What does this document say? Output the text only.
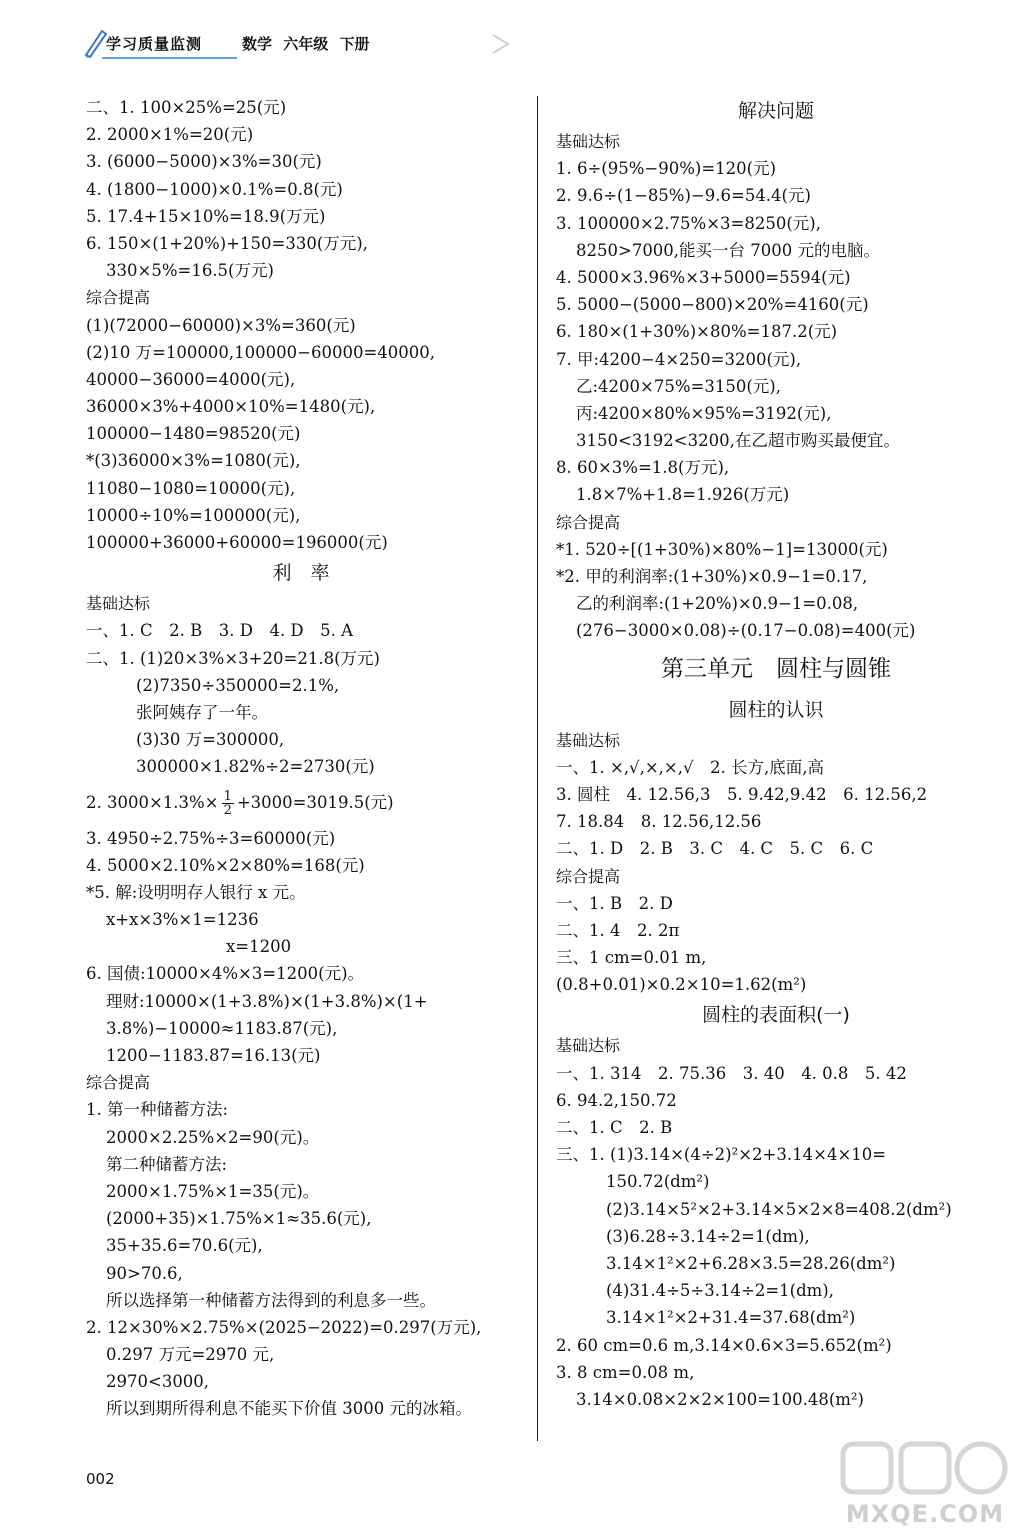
学习质量监测	数学 六年级 下册
二、1. 100×25%=25(元)
2. 2000×1%=20(元)
3. (6000−5000)×3%=30(元)
4. (1800−1000)×0.1%=0.8(元)
5. 17.4+15×10%=18.9(万元)
6. 150×(1+20%)+150=330(万元),
330×5%=16.5(万元)
综合提高
(1)(72000−60000)×3%=360(元)
(2)10 万=100000,100000−60000=40000,
40000−36000=4000(元),
36000×3%+4000×10%=1480(元),
100000−1480=98520(元)
*(3)36000×3%=1080(元),
11080−1080=10000(元),
10000÷10%=100000(元),
100000+36000+60000=196000(元)
利　率
基础达标
一、1. C　2. B　3. D　4. D　5. A
二、1. (1)20×3%×3+20=21.8(万元)
(2)7350÷350000=2.1%,
张阿姨存了一年。
(3)30 万=300000,
300000×1.82%÷2=2730(元)
2. $3000\times 1.3\%\times \frac{1}{2} +3000=3019.5$(元)
3. 4950÷2.75%÷3=60000(元)
4. 5000×2.10%×2×80%=168(元)
*5. 解:设明明存人银行 x 元。
x+x×3%×1=1236
x=1200
6. 国债:10000×4%×3=1200(元)。
理财:10000×(1+3.8%)×(1+3.8%)×(1+
3.8%)−10000≈1183.87(元),
1200−1183.87=16.13(元)
综合提高
1. 第一种储蓄方法:
2000×2.25%×2=90(元)。
第二种储蓄方法:
2000×1.75%×1=35(元)。
(2000+35)×1.75%×1≈35.6(元),
35+35.6=70.6(元),
90>70.6,
所以选择第一种储蓄方法得到的利息多一些。
2. 12×30%×2.75%×(2025−2022)=0.297(万元),
0.297 万元=2970 元,
2970<3000,
所以到期所得利息不能买下价值 3000 元的冰箱。
解决问题
基础达标
1. 6÷(95%−90%)=120(元)
2. 9.6÷(1−85%)−9.6=54.4(元)
3. 100000×2.75%×3=8250(元),
8250>7000,能买一台 7000 元的电脑。
4. 5000×3.96%×3+5000=5594(元)
5. 5000−(5000−800)×20%=4160(元)
6. 180×(1+30%)×80%=187.2(元)
7. 甲:4200−4×250=3200(元),
乙:4200×75%=3150(元),
丙:4200×80%×95%=3192(元),
3150<3192<3200,在乙超市购买最便宜。
8. 60×3%=1.8(万元),
1.8×7%+1.8=1.926(万元)
综合提高
*1. 520÷[(1+30%)×80%−1]=13000(元)
*2. 甲的利润率:(1+30%)×0.9−1=0.17,
乙的利润率:(1+20%)×0.9−1=0.08,
(276−3000×0.08)÷(0.17−0.08)=400(元)
第三单元　圆柱与圆锥
圆柱的认识
基础达标
一、1. ×,√,×,×,√　2. 长方,底面,高
3. 圆柱　4. 12.56,3　5. 9.42,9.42　6. 12.56,2
7. 18.84　8. 12.56,12.56
二、1. D　2. B　3. C　4. C　5. C　6. C
综合提高
一、1. B　2. D
二、1. 4　2. 2π
三、1 cm=0.01 m,
(0.8+0.01)×0.2×10=1.62(m²)
圆柱的表面积(一)
基础达标
一、1. 314　2. 75.36　3. 40　4. 0.8　5. 42
6. 94.2,150.72
二、1. C　2. B
三、1. (1)3.14×(4÷2)²×2+3.14×4×10=
150.72(dm²)
(2)3.14×5²×2+3.14×5×2×8=408.2(dm²)
(3)6.28÷3.14÷2=1(dm),
3.14×1²×2+6.28×3.5=28.26(dm²)
(4)31.4÷5÷3.14÷2=1(dm),
3.14×1²×2+31.4=37.68(dm²)
2. 60 cm=0.6 m,3.14×0.6×3=5.652(m²)
3. 8 cm=0.08 m,
3.14×0.08×2×2×100=100.48(m²)
002
MXQE.COM
